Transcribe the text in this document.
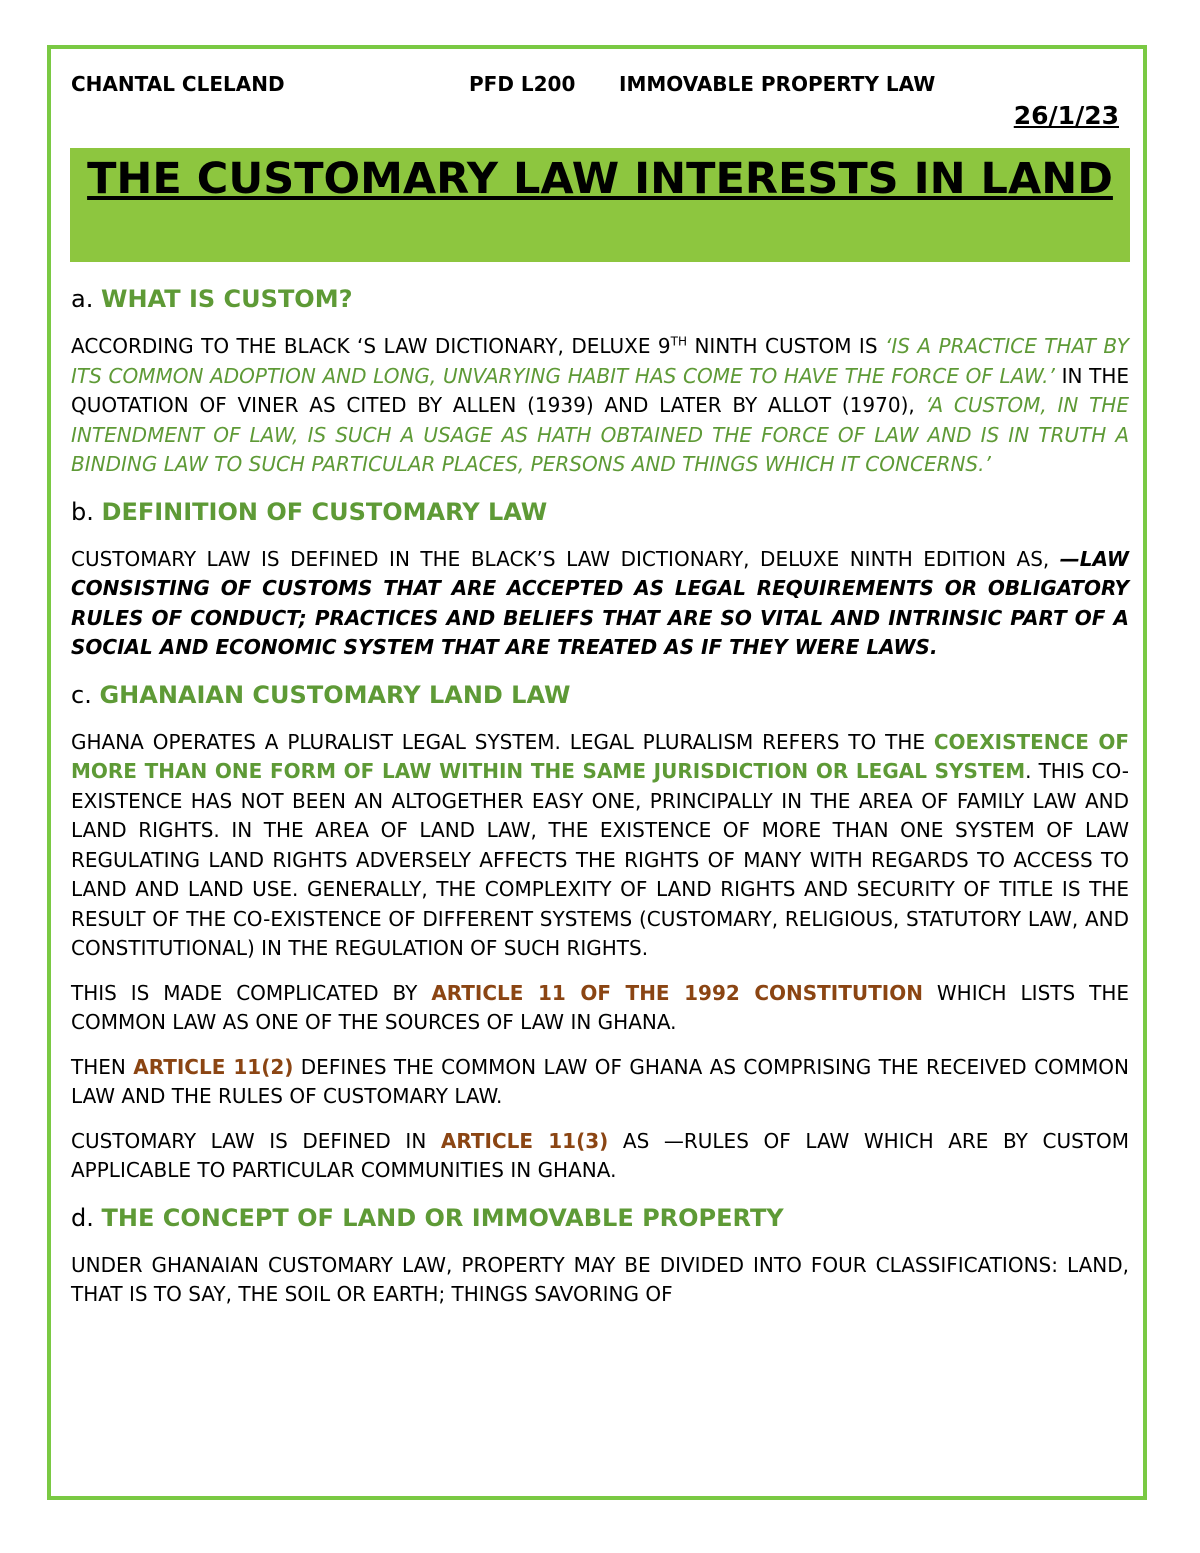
CHANTAL CLELAND	PFD L200 IMMOVABLE PROPERTY LAW
26/1/23
THE CUSTOMARY LAW INTERESTS IN LAND
a. WHAT IS CUSTOM?

ACCORDING TO THE BLACK ‘S LAW DICTIONARY, DELUXE 9TH NINTH CUSTOM IS ‘IS A PRACTICE THAT BY ITS COMMON ADOPTION AND LONG, UNVARYING HABIT HAS COME TO HAVE THE FORCE OF LAW.’ IN THE QUOTATION OF VINER AS CITED BY ALLEN (1939) AND LATER BY ALLOT (1970), ‘A CUSTOM, IN THE INTENDMENT OF LAW, IS SUCH A USAGE AS HATH OBTAINED THE FORCE OF LAW AND IS IN TRUTH A BINDING LAW TO SUCH PARTICULAR PLACES, PERSONS AND THINGS WHICH IT CONCERNS.’

b. DEFINITION OF CUSTOMARY LAW

CUSTOMARY LAW IS DEFINED IN THE BLACK’S LAW DICTIONARY, DELUXE NINTH EDITION AS, —LAW CONSISTING OF CUSTOMS THAT ARE ACCEPTED AS LEGAL REQUIREMENTS OR OBLIGATORY RULES OF CONDUCT; PRACTICES AND BELIEFS THAT ARE SO VITAL AND INTRINSIC PART OF A SOCIAL AND ECONOMIC SYSTEM THAT ARE TREATED AS IF THEY WERE LAWS.

c. GHANAIAN CUSTOMARY LAND LAW

GHANA OPERATES A PLURALIST LEGAL SYSTEM. LEGAL PLURALISM REFERS TO THE COEXISTENCE OF MORE THAN ONE FORM OF LAW WITHIN THE SAME JURISDICTION OR LEGAL SYSTEM. THIS CO-EXISTENCE HAS NOT BEEN AN ALTOGETHER EASY ONE, PRINCIPALLY IN THE AREA OF FAMILY LAW AND LAND RIGHTS. IN THE AREA OF LAND LAW, THE EXISTENCE OF MORE THAN ONE SYSTEM OF LAW REGULATING LAND RIGHTS ADVERSELY AFFECTS THE RIGHTS OF MANY WITH REGARDS TO ACCESS TO LAND AND LAND USE. GENERALLY, THE COMPLEXITY OF LAND RIGHTS AND SECURITY OF TITLE IS THE RESULT OF THE CO-EXISTENCE OF DIFFERENT SYSTEMS (CUSTOMARY, RELIGIOUS, STATUTORY LAW, AND CONSTITUTIONAL) IN THE REGULATION OF SUCH RIGHTS.

THIS IS MADE COMPLICATED BY ARTICLE 11 OF THE 1992 CONSTITUTION WHICH LISTS THE COMMON LAW AS ONE OF THE SOURCES OF LAW IN GHANA.

THEN ARTICLE 11(2) DEFINES THE COMMON LAW OF GHANA AS COMPRISING THE RECEIVED COMMON LAW AND THE RULES OF CUSTOMARY LAW.

CUSTOMARY LAW IS DEFINED IN ARTICLE 11(3) AS —RULES OF LAW WHICH ARE BY CUSTOM APPLICABLE TO PARTICULAR COMMUNITIES IN GHANA.

d. THE CONCEPT OF LAND OR IMMOVABLE PROPERTY

UNDER GHANAIAN CUSTOMARY LAW, PROPERTY MAY BE DIVIDED INTO FOUR CLASSIFICATIONS: LAND, THAT IS TO SAY, THE SOIL OR EARTH; THINGS SAVORING OF
